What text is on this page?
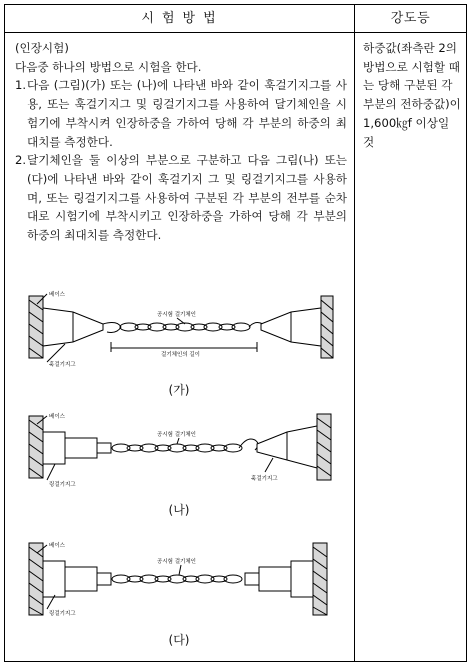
시 험 방 법	강도등

(인장시험)

다음중 하나의 방법으로 시험을 한다.

1. 다음 (그림)(가) 또는 (나)에 나타낸 바와 같이 훅걸기지그를 사용, 또는 훅걸기지그 및 링걸기지그를 사용하여 달기체인을 시험기에 부착시켜 인장하중을 가하여 당해 각 부분의 하중의 최대치를 측정한다.

2. 달기체인을 둘 이상의 부분으로 구분하고 다음 그림(나) 또는 (다)에 나타낸 바와 같이 훅걸기지 그 및 링걸기지그를 사용하며, 또는 링걸기지그를 사용하여 구분된 각 부분의 전부를 순차대로 시험기에 부착시키고 인장하중을 가하여 당해 각 부분의 하중의 최대치를 측정한다.

하중값(좌측란 2의 방법으로 시험할 때는 당해 구분된 각 부분의 전하중값)이 1,600㎏f 이상일 것
베이스
훅걸기지그
공시험 걸기체인
걸기체인의 길이
(가)
베이스
링걸기지그
공시험 걸기체인
훅걸기지그
(나)
베이스
링걸기지그
공시험 걸기체인
(다)
